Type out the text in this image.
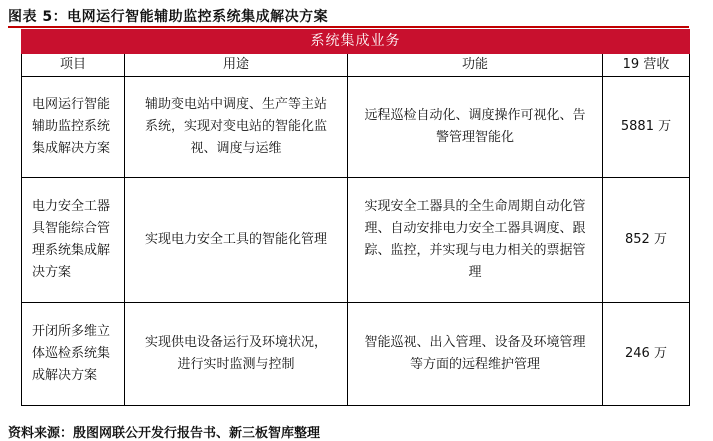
图表 5：电网运行智能辅助监控系统集成解决方案
系统集成业务			
项目	用途	功能	19 营收
电网运行智能辅助监控系统集成解决方案	辅助变电站中调度、生产等主站系统，实现对变电站的智能化监视、调度与运维	远程巡检自动化、调度操作可视化、告警管理智能化	5881 万
电力安全工器具智能综合管理系统集成解决方案	实现电力安全工具的智能化管理	实现安全工器具的全生命周期自动化管理、自动安排电力安全工器具调度、跟踪、监控，并实现与电力相关的票据管理	852 万
开闭所多维立体巡检系统集成解决方案	实现供电设备运行及环境状况，进行实时监测与控制	智能巡视、出入管理、设备及环境管理等方面的远程维护管理	246 万
资料来源：殷图网联公开发行报告书、新三板智库整理
